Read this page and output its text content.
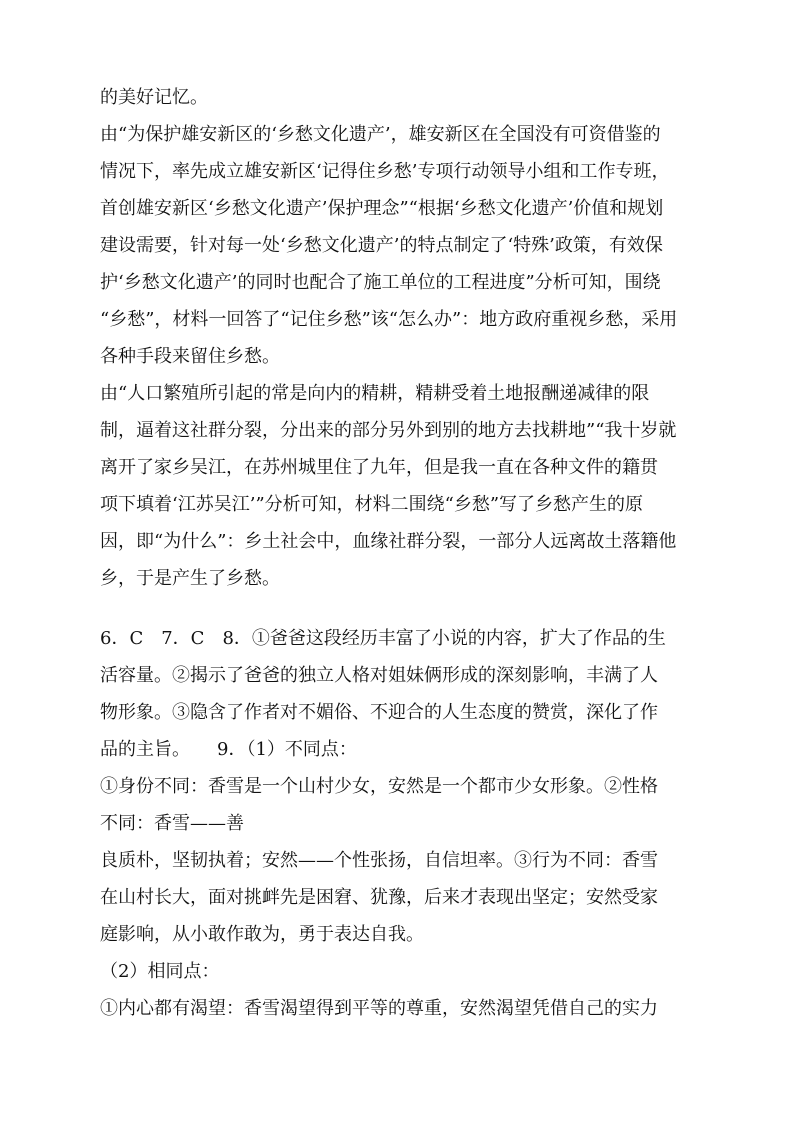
的美好记忆。
由“为保护雄安新区的‘乡愁文化遗产’，雄安新区在全国没有可资借鉴的
情况下，率先成立雄安新区‘记得住乡愁’专项行动领导小组和工作专班，
首创雄安新区‘乡愁文化遗产’保护理念”“根据‘乡愁文化遗产’价值和规划
建设需要，针对每一处‘乡愁文化遗产’的特点制定了‘特殊’政策，有效保
护‘乡愁文化遗产’的同时也配合了施工单位的工程进度”分析可知，围绕
“乡愁”，材料一回答了“记住乡愁”该“怎么办”：地方政府重视乡愁，采用
各种手段来留住乡愁。
由“人口繁殖所引起的常是向内的精耕，精耕受着土地报酬递减律的限
制，逼着这社群分裂，分出来的部分另外到别的地方去找耕地”“我十岁就
离开了家乡吴江，在苏州城里住了九年，但是我一直在各种文件的籍贯
项下填着‘江苏吴江’”分析可知，材料二围绕“乡愁”写了乡愁产生的原
因，即“为什么”：乡土社会中，血缘社群分裂，一部分人远离故土落籍他
乡，于是产生了乡愁。
6．C　7．C　8．①爸爸这段经历丰富了小说的内容，扩大了作品的生
活容量。②揭示了爸爸的独立人格对姐妹俩形成的深刻影响，丰满了人
物形象。③隐含了作者对不媚俗、不迎合的人生态度的赞赏，深化了作
品的主旨。　　9．（1）不同点：
①身份不同：香雪是一个山村少女，安然是一个都市少女形象。②性格
不同：香雪——善
良质朴，坚韧执着；安然——个性张扬，自信坦率。③行为不同：香雪
在山村长大，面对挑衅先是困窘、犹豫，后来才表现出坚定；安然受家
庭影响，从小敢作敢为，勇于表达自我。
（2）相同点：
①内心都有渴望：香雪渴望得到平等的尊重，安然渴望凭借自己的实力
